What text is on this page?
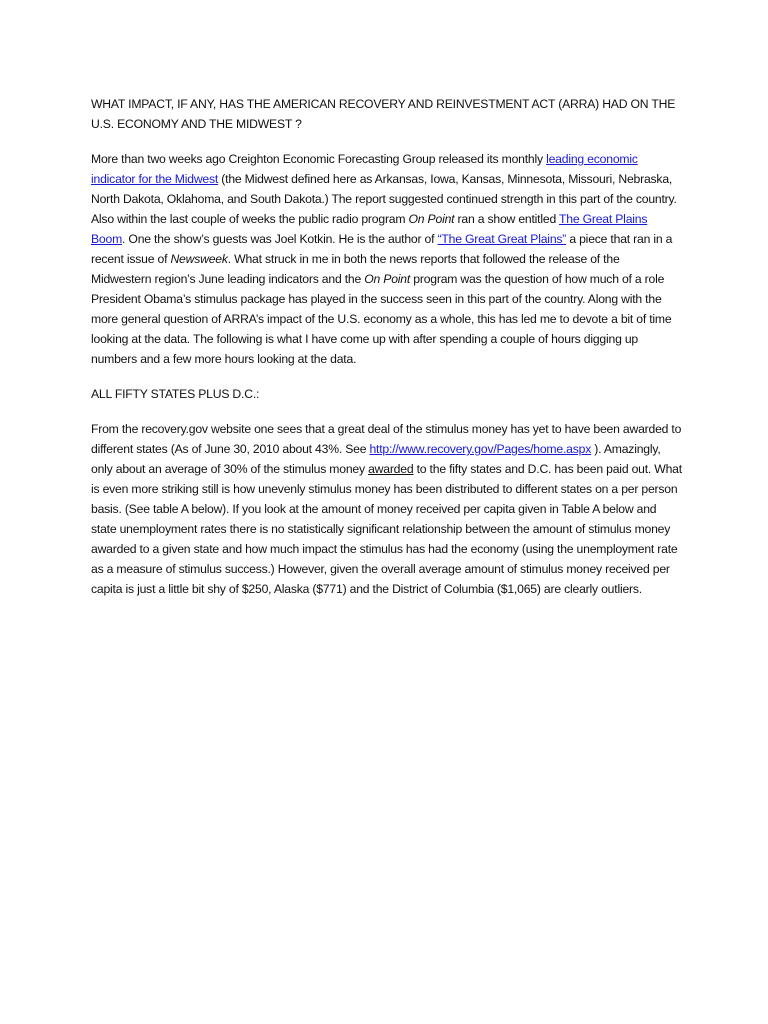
WHAT IMPACT, IF ANY, HAS THE AMERICAN RECOVERY AND REINVESTMENT ACT (ARRA) HAD ON THE U.S. ECONOMY AND THE MIDWEST ?

More than two weeks ago Creighton Economic Forecasting Group released its monthly leading economic indicator for the Midwest (the Midwest defined here as Arkansas, Iowa, Kansas, Minnesota, Missouri, Nebraska, North Dakota, Oklahoma, and South Dakota.) The report suggested continued strength in this part of the country. Also within the last couple of weeks the public radio program On Point ran a show entitled The Great Plains Boom. One the show’s guests was Joel Kotkin. He is the author of “The Great Great Plains” a piece that ran in a recent issue of Newsweek. What struck in me in both the news reports that followed the release of the Midwestern region’s June leading indicators and the On Point program was the question of how much of a role President Obama’s stimulus package has played in the success seen in this part of the country. Along with the more general question of ARRA’s impact of the U.S. economy as a whole, this has led me to devote a bit of time looking at the data. The following is what I have come up with after spending a couple of hours digging up numbers and a few more hours looking at the data.

ALL FIFTY STATES PLUS D.C.:

From the recovery.gov website one sees that a great deal of the stimulus money has yet to have been awarded to different states (As of June 30, 2010 about 43%. See http://www.recovery.gov/Pages/home.aspx ). Amazingly, only about an average of 30% of the stimulus money awarded to the fifty states and D.C. has been paid out. What is even more striking still is how unevenly stimulus money has been distributed to different states on a per person basis. (See table A below). If you look at the amount of money received per capita given in Table A below and state unemployment rates there is no statistically significant relationship between the amount of stimulus money awarded to a given state and how much impact the stimulus has had the economy (using the unemployment rate as a measure of stimulus success.) However, given the overall average amount of stimulus money received per capita is just a little bit shy of $250, Alaska ($771) and the District of Columbia ($1,065) are clearly outliers.
